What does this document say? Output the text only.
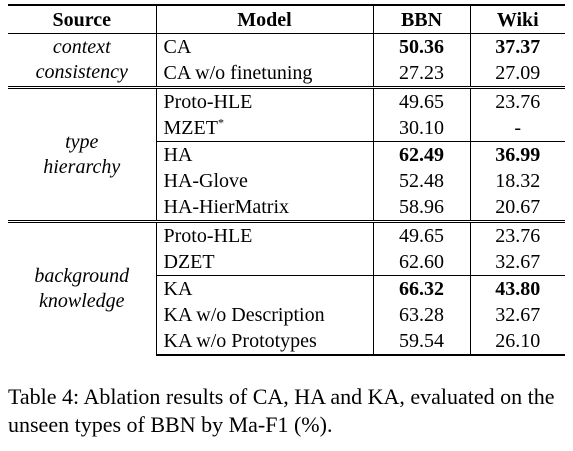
Source	Model	BBN	Wiki

context
consistency	CA	50.36	37.37
	CA w/o finetuning	27.23	27.09

type
hierarchy	Proto-HLE	49.65	23.76
	MZET*	30.10	-
	HA	62.49	36.99
	HA-Glove	52.48	18.32
	HA-HierMatrix	58.96	20.67

background
knowledge	Proto-HLE	49.65	23.76
	DZET	62.60	32.67
	KA	66.32	43.80
	KA w/o Description	63.28	32.67
	KA w/o Prototypes	59.54	26.10
Table 4: Ablation results of CA, HA and KA, evaluated on the unseen types of BBN by Ma-F1 (%).
